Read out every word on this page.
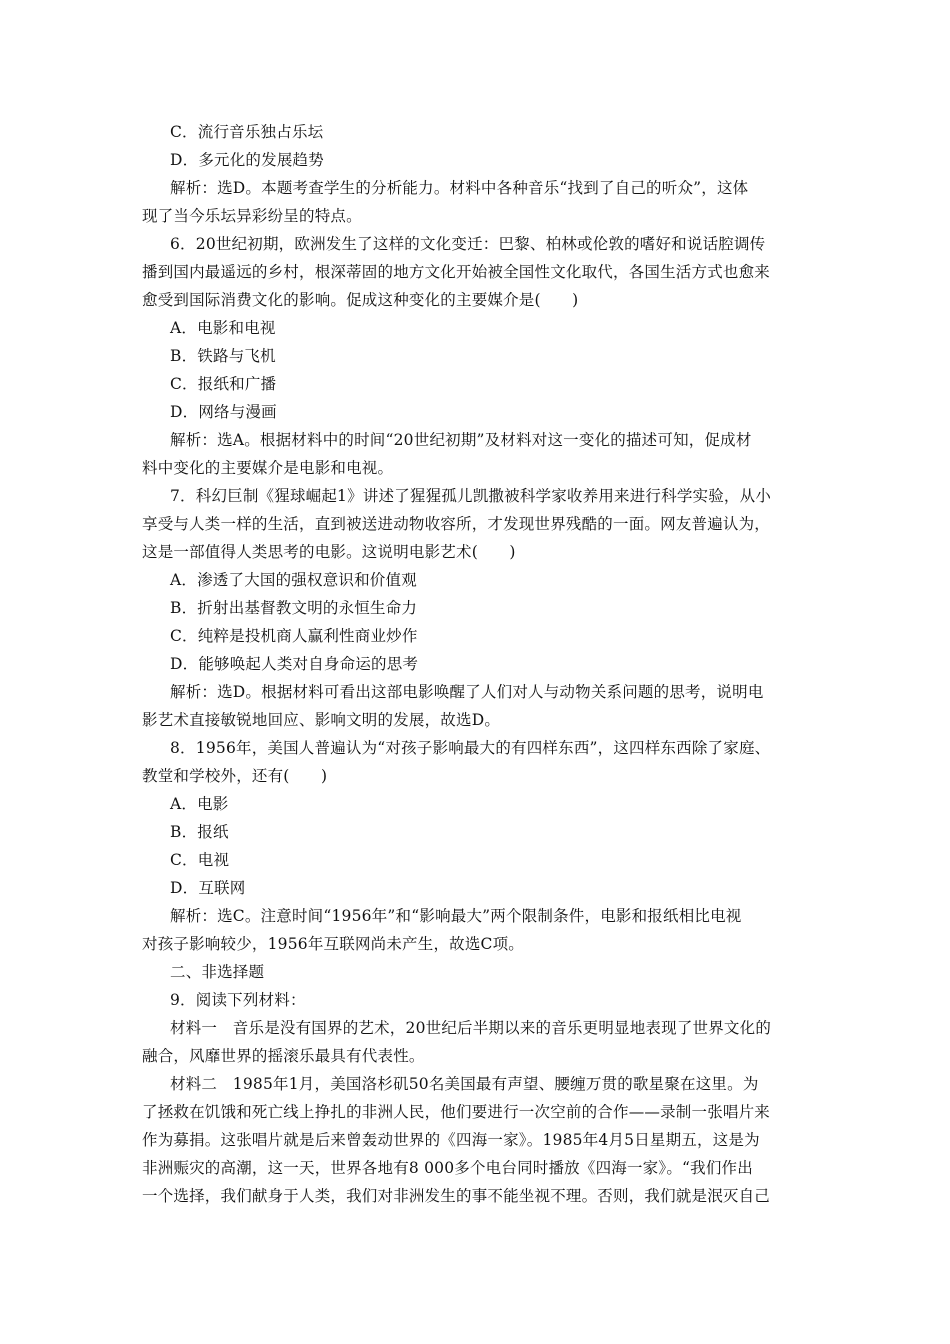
C．流行音乐独占乐坛
D．多元化的发展趋势
解析：选D。本题考查学生的分析能力。材料中各种音乐“找到了自己的听众”，这体
现了当今乐坛异彩纷呈的特点。
6．20世纪初期，欧洲发生了这样的文化变迁：巴黎、柏林或伦敦的嗜好和说话腔调传
播到国内最遥远的乡村，根深蒂固的地方文化开始被全国性文化取代，各国生活方式也愈来
愈受到国际消费文化的影响。促成这种变化的主要媒介是(　　)
A．电影和电视
B．铁路与飞机
C．报纸和广播
D．网络与漫画
解析：选A。根据材料中的时间“20世纪初期”及材料对这一变化的描述可知，促成材
料中变化的主要媒介是电影和电视。
7．科幻巨制《猩球崛起1》讲述了猩猩孤儿凯撒被科学家收养用来进行科学实验，从小
享受与人类一样的生活，直到被送进动物收容所，才发现世界残酷的一面。网友普遍认为，
这是一部值得人类思考的电影。这说明电影艺术(　　)
A．渗透了大国的强权意识和价值观
B．折射出基督教文明的永恒生命力
C．纯粹是投机商人赢利性商业炒作
D．能够唤起人类对自身命运的思考
解析：选D。根据材料可看出这部电影唤醒了人们对人与动物关系问题的思考，说明电
影艺术直接敏锐地回应、影响文明的发展，故选D。
8．1956年，美国人普遍认为“对孩子影响最大的有四样东西”，这四样东西除了家庭、
教堂和学校外，还有(　　)
A．电影
B．报纸
C．电视
D．互联网
解析：选C。注意时间“1956年”和“影响最大”两个限制条件，电影和报纸相比电视
对孩子影响较少，1956年互联网尚未产生，故选C项。
二、非选择题
9．阅读下列材料：
材料一　音乐是没有国界的艺术，20世纪后半期以来的音乐更明显地表现了世界文化的
融合，风靡世界的摇滚乐最具有代表性。
材料二　1985年1月，美国洛杉矶50名美国最有声望、腰缠万贯的歌星聚在这里。为
了拯救在饥饿和死亡线上挣扎的非洲人民，他们要进行一次空前的合作——录制一张唱片来
作为募捐。这张唱片就是后来曾轰动世界的《四海一家》。1985年4月5日星期五，这是为
非洲赈灾的高潮，这一天，世界各地有8 000多个电台同时播放《四海一家》。“我们作出
一个选择，我们献身于人类，我们对非洲发生的事不能坐视不理。否则，我们就是泯灭自己
